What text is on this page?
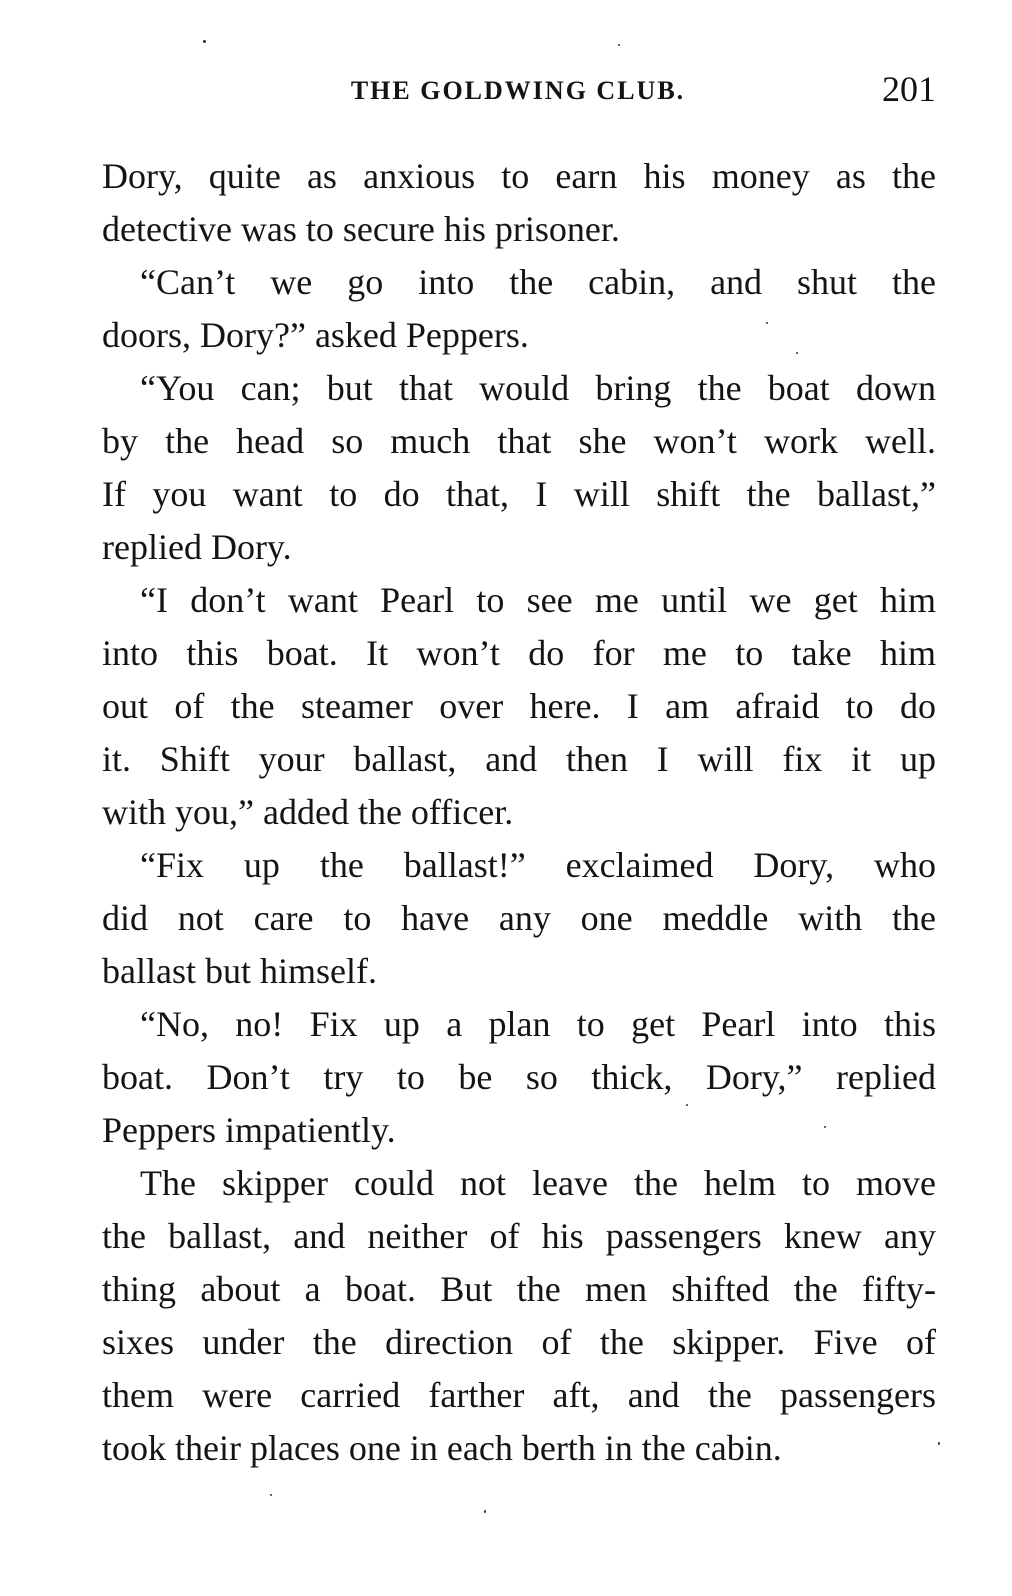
THE GOLDWING CLUB.	201
Dory, quite as anxious to earn his money as the
detective was to secure his prisoner.
“Can’t we go into the cabin, and shut the
doors, Dory?” asked Peppers.
“You can; but that would bring the boat down
by the head so much that she won’t work well.
If you want to do that, I will shift the ballast,”
replied Dory.
“I don’t want Pearl to see me until we get him
into this boat. It won’t do for me to take him
out of the steamer over here. I am afraid to do
it. Shift your ballast, and then I will fix it up
with you,” added the officer.
“Fix up the ballast!” exclaimed Dory, who
did not care to have any one meddle with the
ballast but himself.
“No, no! Fix up a plan to get Pearl into this
boat. Don’t try to be so thick, Dory,” replied
Peppers impatiently.
The skipper could not leave the helm to move
the ballast, and neither of his passengers knew any
thing about a boat. But the men shifted the fifty-
sixes under the direction of the skipper. Five of
them were carried farther aft, and the passengers
took their places one in each berth in the cabin.
